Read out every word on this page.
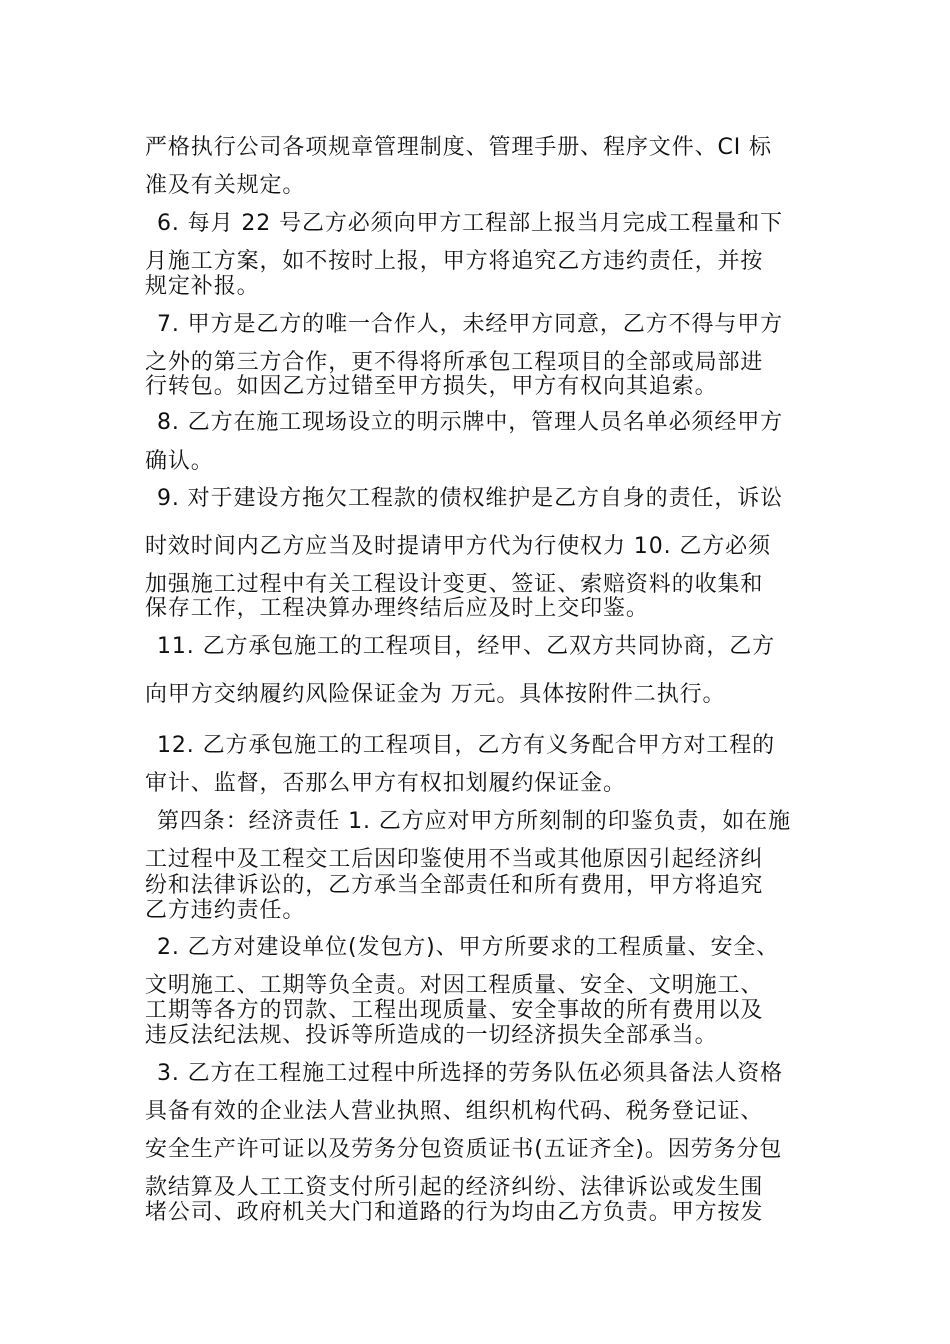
严格执行公司各项规章管理制度、管理手册、程序文件、CI 标
准及有关规定。
6. 每月 22 号乙方必须向甲方工程部上报当月完成工程量和下
月施工方案，如不按时上报，甲方将追究乙方违约责任，并按
规定补报。
7. 甲方是乙方的唯一合作人，未经甲方同意，乙方不得与甲方
之外的第三方合作，更不得将所承包工程项目的全部或局部进
行转包。如因乙方过错至甲方损失，甲方有权向其追索。
8. 乙方在施工现场设立的明示牌中，管理人员名单必须经甲方
确认。
9. 对于建设方拖欠工程款的债权维护是乙方自身的责任，诉讼
时效时间内乙方应当及时提请甲方代为行使权力 10. 乙方必须
加强施工过程中有关工程设计变更、签证、索赔资料的收集和
保存工作，工程决算办理终结后应及时上交印鉴。
11. 乙方承包施工的工程项目，经甲、乙双方共同协商，乙方
向甲方交纳履约风险保证金为 万元。具体按附件二执行。
12. 乙方承包施工的工程项目，乙方有义务配合甲方对工程的
审计、监督，否那么甲方有权扣划履约保证金。
第四条：经济责任 1. 乙方应对甲方所刻制的印鉴负责，如在施
工过程中及工程交工后因印鉴使用不当或其他原因引起经济纠
纷和法律诉讼的，乙方承当全部责任和所有费用，甲方将追究
乙方违约责任。
2. 乙方对建设单位(发包方)、甲方所要求的工程质量、安全、
文明施工、工期等负全责。对因工程质量、安全、文明施工、
工期等各方的罚款、工程出现质量、安全事故的所有费用以及
违反法纪法规、投诉等所造成的一切经济损失全部承当。
3. 乙方在工程施工过程中所选择的劳务队伍必须具备法人资格
具备有效的企业法人营业执照、组织机构代码、税务登记证、
安全生产许可证以及劳务分包资质证书(五证齐全)。因劳务分包
款结算及人工工资支付所引起的经济纠纷、法律诉讼或发生围
堵公司、政府机关大门和道路的行为均由乙方负责。甲方按发
